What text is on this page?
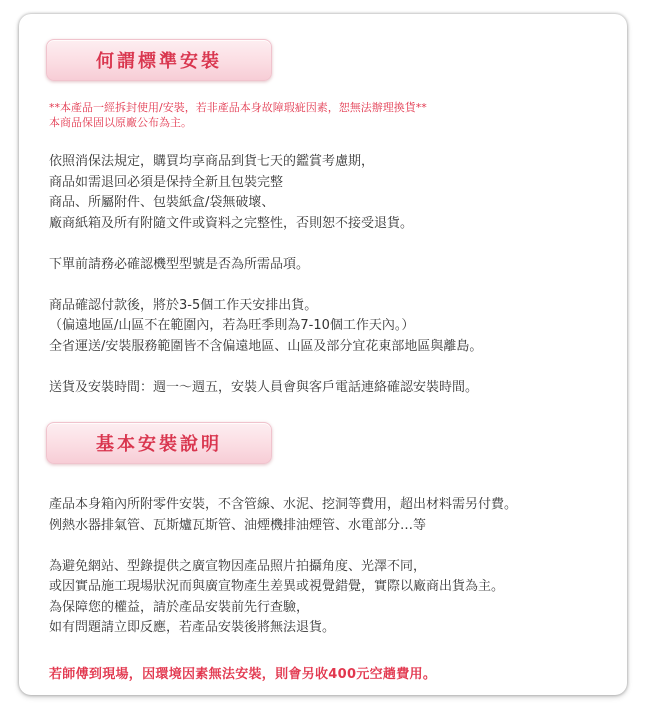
何謂標準安裝
**本產品一經拆封使用/安裝，若非產品本身故障瑕疵因素，恕無法辦理換貨**
本商品保固以原廠公布為主。
依照消保法規定，購買均享商品到貨七天的鑑賞考慮期，
商品如需退回必須是保持全新且包裝完整
商品、所屬附件、包裝紙盒/袋無破壞、
廠商紙箱及所有附隨文件或資料之完整性，否則恕不接受退貨。
下單前請務必確認機型型號是否為所需品項。
商品確認付款後，將於3-5個工作天安排出貨。
（偏遠地區/山區不在範圍內，若為旺季則為7-10個工作天內。）
全省運送/安裝服務範圍皆不含偏遠地區、山區及部分宜花東部地區與離島。
送貨及安裝時間：週一～週五，安裝人員會與客戶電話連絡確認安裝時間。
基本安裝說明
產品本身箱內所附零件安裝，不含管線、水泥、挖洞等費用，超出材料需另付費。
例熱水器排氣管、瓦斯爐瓦斯管、油煙機排油煙管、水電部分…等
為避免網站、型錄提供之廣宣物因產品照片拍攝角度、光澤不同，
或因實品施工現場狀況而與廣宣物產生差異或視覺錯覺，實際以廠商出貨為主。
為保障您的權益，請於產品安裝前先行查驗，
如有問題請立即反應，若產品安裝後將無法退貨。
若師傅到現場，因環境因素無法安裝，則會另收400元空趟費用。
